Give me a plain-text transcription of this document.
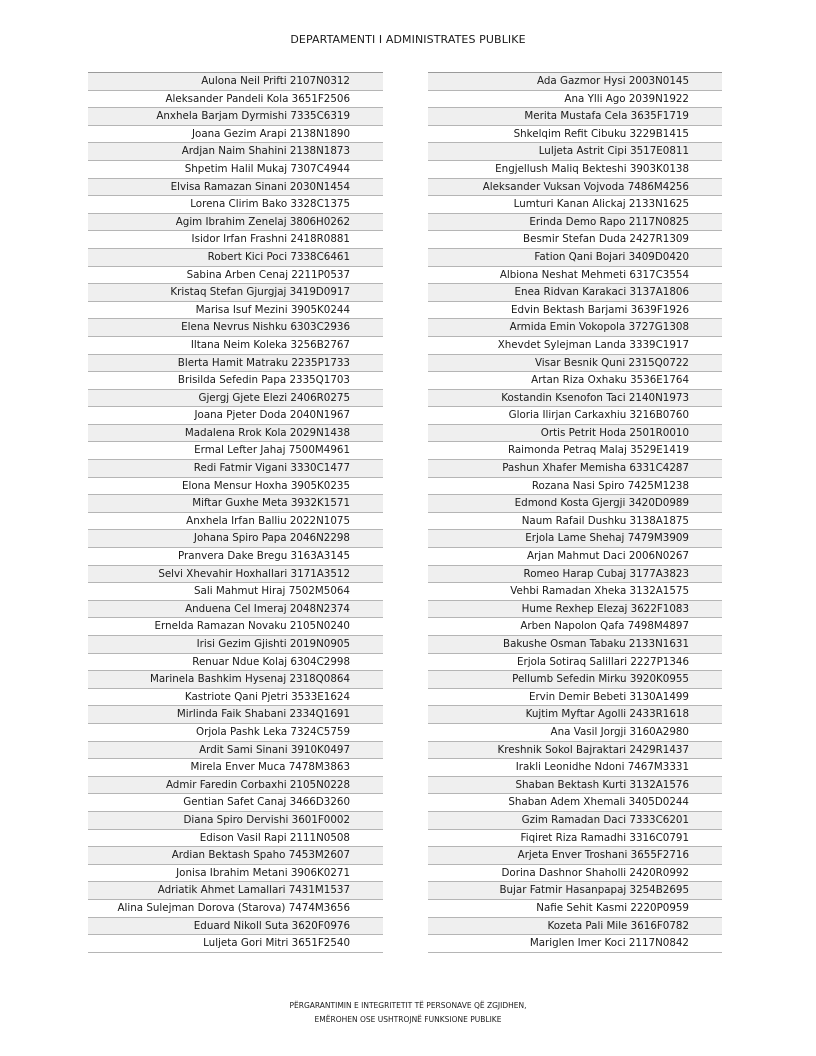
DEPARTAMENTI I ADMINISTRATES PUBLIKE
Aulona Neil Prifti 2107N0312
Aleksander Pandeli Kola 3651F2506
Anxhela Barjam Dyrmishi 7335C6319
Joana Gezim Arapi 2138N1890
Ardjan Naim Shahini 2138N1873
Shpetim Halil Mukaj 7307C4944
Elvisa Ramazan Sinani 2030N1454
Lorena Clirim Bako 3328C1375
Agim Ibrahim Zenelaj 3806H0262
Isidor Irfan Frashni 2418R0881
Robert Kici Poci 7338C6461
Sabina Arben Cenaj 2211P0537
Kristaq Stefan Gjurgjaj 3419D0917
Marisa Isuf Mezini 3905K0244
Elena Nevrus Nishku 6303C2936
Iltana Neim Koleka 3256B2767
Blerta Hamit Matraku 2235P1733
Brisilda Sefedin Papa 2335Q1703
Gjergj Gjete Elezi 2406R0275
Joana Pjeter Doda 2040N1967
Madalena Rrok Kola 2029N1438
Ermal Lefter Jahaj 7500M4961
Redi Fatmir Vigani 3330C1477
Elona Mensur Hoxha 3905K0235
Miftar Guxhe Meta 3932K1571
Anxhela Irfan Balliu 2022N1075
Johana Spiro Papa 2046N2298
Pranvera Dake Bregu 3163A3145
Selvi Xhevahir Hoxhallari 3171A3512
Sali Mahmut Hiraj 7502M5064
Anduena Cel Imeraj 2048N2374
Ernelda Ramazan Novaku 2105N0240
Irisi Gezim Gjishti 2019N0905
Renuar Ndue Kolaj 6304C2998
Marinela Bashkim Hysenaj 2318Q0864
Kastriote Qani Pjetri 3533E1624
Mirlinda Faik Shabani 2334Q1691
Orjola Pashk Leka 7324C5759
Ardit Sami Sinani 3910K0497
Mirela Enver Muca 7478M3863
Admir Faredin Corbaxhi 2105N0228
Gentian Safet Canaj 3466D3260
Diana Spiro Dervishi 3601F0002
Edison Vasil Rapi 2111N0508
Ardian Bektash Spaho 7453M2607
Jonisa Ibrahim Metani 3906K0271
Adriatik Ahmet Lamallari 7431M1537
Alina Sulejman Dorova (Starova) 7474M3656
Eduard Nikoll Suta 3620F0976
Luljeta Gori Mitri 3651F2540
Ada Gazmor Hysi 2003N0145
Ana Ylli Ago 2039N1922
Merita Mustafa Cela 3635F1719
Shkelqim Refit Cibuku 3229B1415
Luljeta Astrit Cipi 3517E0811
Engjellush Maliq Bekteshi 3903K0138
Aleksander Vuksan Vojvoda 7486M4256
Lumturi Kanan Alickaj 2133N1625
Erinda Demo Rapo 2117N0825
Besmir Stefan Duda 2427R1309
Fation Qani Bojari 3409D0420
Albiona Neshat Mehmeti 6317C3554
Enea Ridvan Karakaci 3137A1806
Edvin Bektash Barjami 3639F1926
Armida Emin Vokopola 3727G1308
Xhevdet Sylejman Landa 3339C1917
Visar Besnik Quni 2315Q0722
Artan Riza Oxhaku 3536E1764
Kostandin Ksenofon Taci 2140N1973
Gloria Ilirjan Carkaxhiu 3216B0760
Ortis Petrit Hoda 2501R0010
Raimonda Petraq Malaj 3529E1419
Pashun Xhafer Memisha 6331C4287
Rozana Nasi Spiro 7425M1238
Edmond Kosta Gjergji 3420D0989
Naum Rafail Dushku 3138A1875
Erjola Lame Shehaj 7479M3909
Arjan Mahmut Daci 2006N0267
Romeo Harap Cubaj 3177A3823
Vehbi Ramadan Xheka 3132A1575
Hume Rexhep Elezaj 3622F1083
Arben Napolon Qafa 7498M4897
Bakushe Osman Tabaku 2133N1631
Erjola Sotiraq Salillari 2227P1346
Pellumb Sefedin Mirku 3920K0955
Ervin Demir Bebeti 3130A1499
Kujtim Myftar Agolli 2433R1618
Ana Vasil Jorgji 3160A2980
Kreshnik Sokol Bajraktari 2429R1437
Irakli Leonidhe Ndoni 7467M3331
Shaban Bektash Kurti 3132A1576
Shaban Adem Xhemali 3405D0244
Gzim Ramadan Daci 7333C6201
Fiqiret Riza Ramadhi 3316C0791
Arjeta Enver Troshani 3655F2716
Dorina Dashnor Shaholli 2420R0992
Bujar Fatmir Hasanpapaj 3254B2695
Nafie Sehit Kasmi 2220P0959
Kozeta Pali Mile 3616F0782
Mariglen Imer Koci 2117N0842
PËRGARANTIMIN E INTEGRITETIT TË PERSONAVE QË ZGJIDHEN,
EMËROHEN OSE USHTROJNË FUNKSIONE PUBLIKE
